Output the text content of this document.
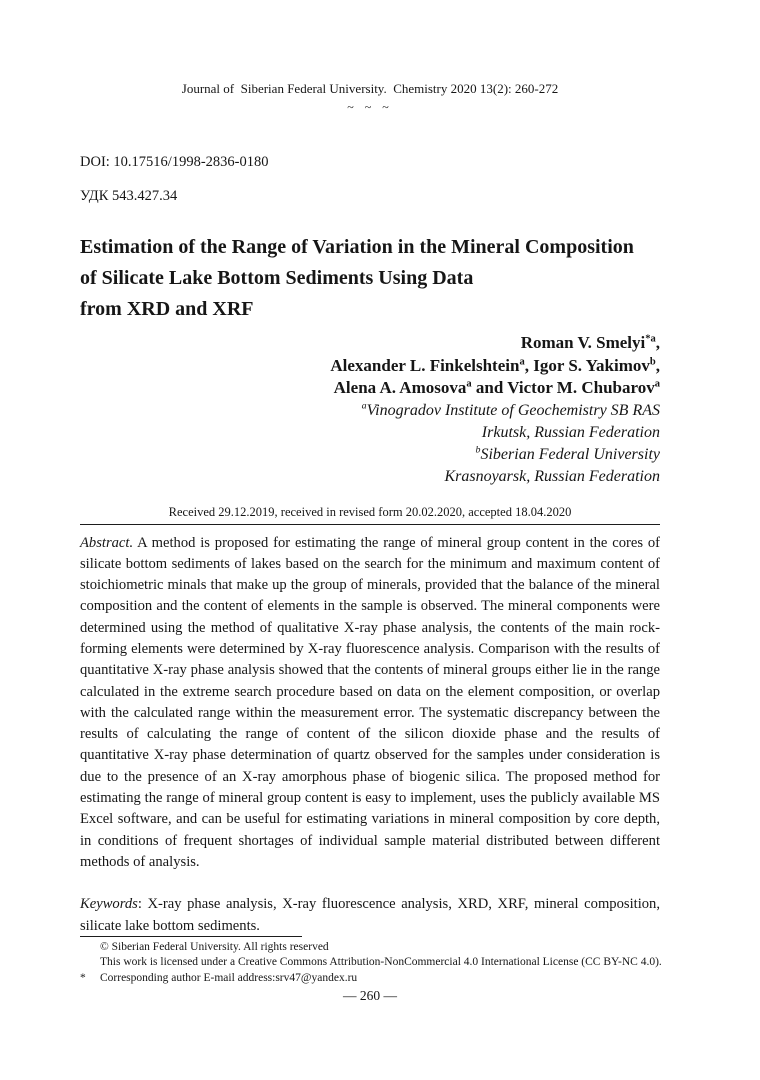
Journal of  Siberian Federal University.  Chemistry 2020 13(2): 260-272
~ ~ ~
DOI: 10.17516/1998-2836-0180
УДК 543.427.34
Estimation of the Range of Variation in the Mineral Composition
of Silicate Lake Bottom Sediments Using Data
from XRD and XRF
Roman V. Smelyi$^{*a}$,
Alexander L. Finkelshtein$^a$, Igor S. Yakimov$^b$,
Alena A. Amosova$^a$ and Victor M. Chubarov$^a$
$^a$Vinogradov Institute of Geochemistry SB RAS
Irkutsk, Russian Federation
$^b$Siberian Federal University
Krasnoyarsk, Russian Federation
Received 29.12.2019, received in revised form 20.02.2020, accepted 18.04.2020
Abstract. A method is proposed for estimating the range of mineral group content in the cores of silicate bottom sediments of lakes based on the search for the minimum and maximum content of stoichiometric minals that make up the group of minerals, provided that the balance of the mineral composition and the content of elements in the sample is observed. The mineral components were determined using the method of qualitative X-ray phase analysis, the contents of the main rock-forming elements were determined by X-ray fluorescence analysis. Comparison with the results of quantitative X-ray phase analysis showed that the contents of mineral groups either lie in the range calculated in the extreme search procedure based on data on the element composition, or overlap with the calculated range within the measurement error. The systematic discrepancy between the results of calculating the range of content of the silicon dioxide phase and the results of quantitative X-ray phase determination of quartz observed for the samples under consideration is due to the presence of an X-ray amorphous phase of biogenic silica. The proposed method for estimating the range of mineral group content is easy to implement, uses the publicly available MS Excel software, and can be useful for estimating variations in mineral composition by core depth, in conditions of frequent shortages of individual sample material distributed between different methods of analysis.
Keywords: X-ray phase analysis, X-ray fluorescence analysis, XRD, XRF, mineral composition, silicate lake bottom sediments.
© Siberian Federal University. All rights reserved
This work is licensed under a Creative Commons Attribution-NonCommercial 4.0 International License (CC BY-NC 4.0).
* Corresponding author E-mail address:srv47@yandex.ru
— 260 —
